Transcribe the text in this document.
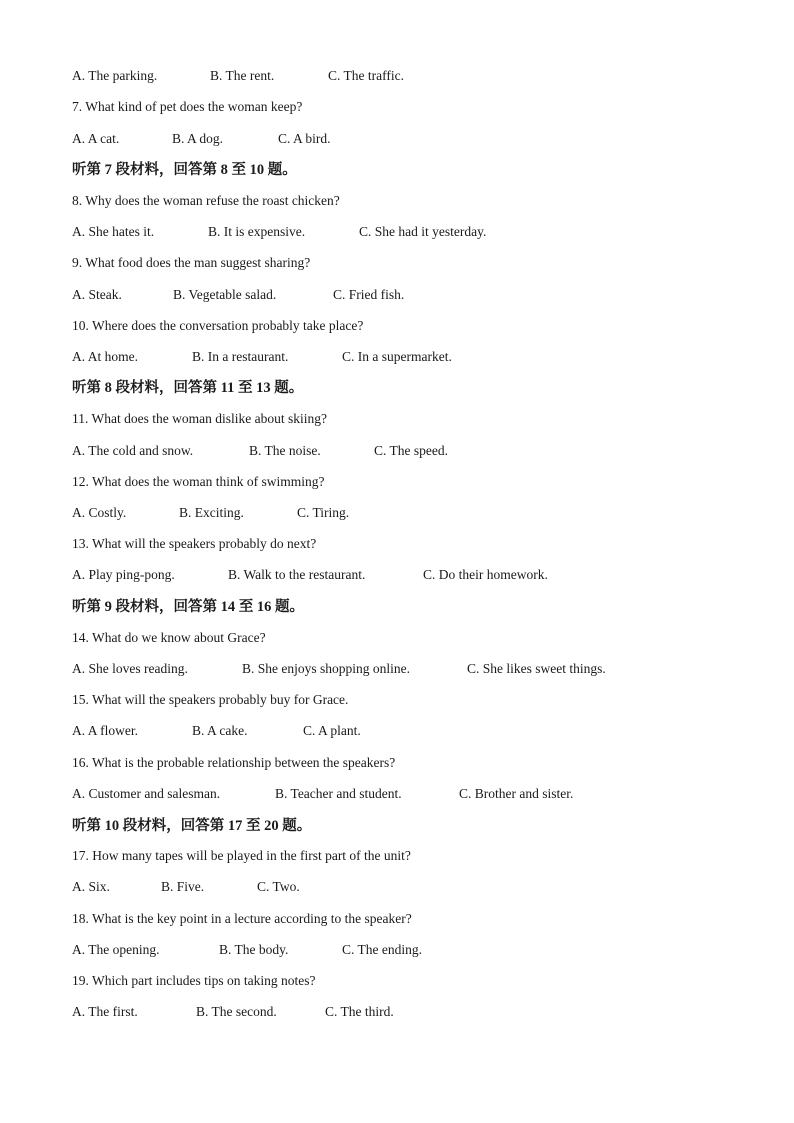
A. The parking.	B. The rent.	C. The traffic.
7. What kind of pet does the woman keep?
A. A cat.	B. A dog.	C. A bird.
听第 7 段材料，回答第 8 至 10 题。
8. Why does the woman refuse the roast chicken?
A. She hates it.	B. It is expensive.	C. She had it yesterday.
9. What food does the man suggest sharing?
A. Steak.	B. Vegetable salad.	C. Fried fish.
10. Where does the conversation probably take place?
A. At home.	B. In a restaurant.	C. In a supermarket.
听第 8 段材料，回答第 11 至 13 题。
11. What does the woman dislike about skiing?
A. The cold and snow.	B. The noise.	C. The speed.
12. What does the woman think of swimming?
A. Costly.	B. Exciting.	C. Tiring.
13. What will the speakers probably do next?
A. Play ping-pong.	B. Walk to the restaurant.	C. Do their homework.
听第 9 段材料，回答第 14 至 16 题。
14. What do we know about Grace?
A. She loves reading.	B. She enjoys shopping online.	C. She likes sweet things.
15. What will the speakers probably buy for Grace.
A. A flower.	B. A cake.	C. A plant.
16. What is the probable relationship between the speakers?
A. Customer and salesman.	B. Teacher and student.	C. Brother and sister.
听第 10 段材料，回答第 17 至 20 题。
17. How many tapes will be played in the first part of the unit?
A. Six.	B. Five.	C. Two.
18. What is the key point in a lecture according to the speaker?
A. The opening.	B. The body.	C. The ending.
19. Which part includes tips on taking notes?
A. The first.	B. The second.	C. The third.
